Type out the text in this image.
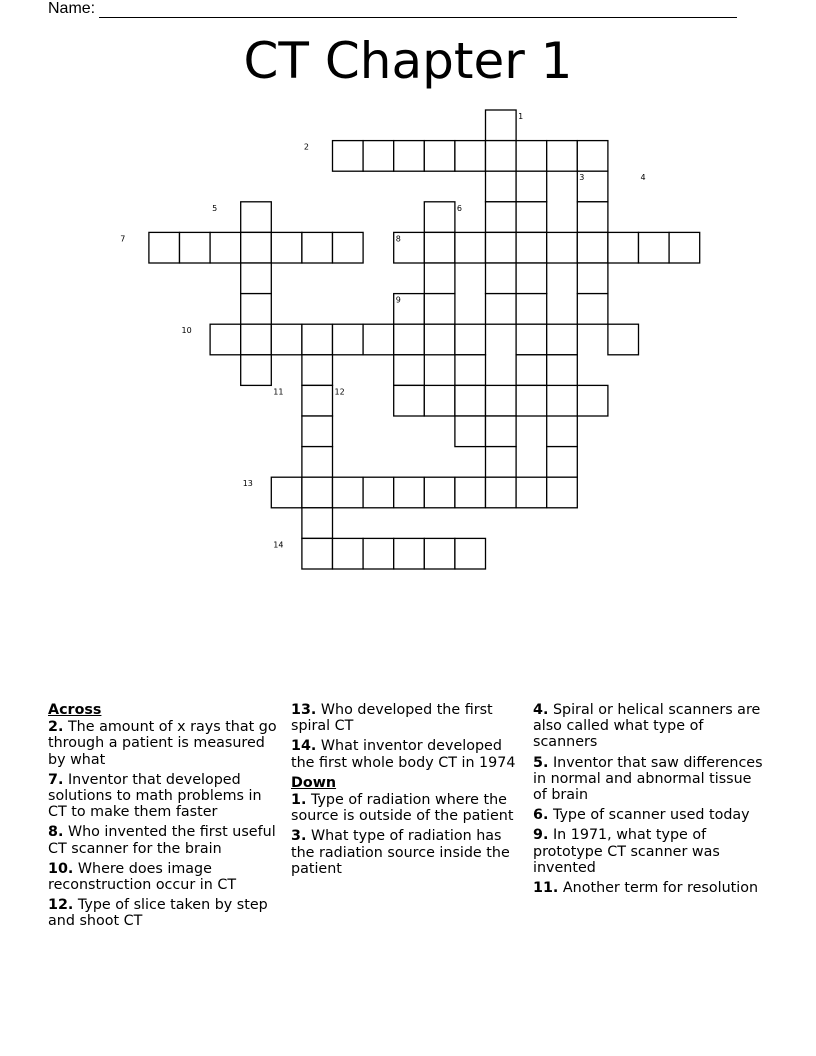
Name:
CT Chapter 1
1
2
3	4
5	6
7	8
9
10
11	12
13
14
Across
2. The amount of x rays that go through a patient is measured by what
7. Inventor that developed solutions to math problems in CT to make them faster
8. Who invented the first useful CT scanner for the brain
10. Where does image reconstruction occur in CT
12. Type of slice taken by step and shoot CT
13. Who developed the first spiral CT
14. What inventor developed the first whole body CT in 1974
Down
1. Type of radiation where the source is outside of the patient
3. What type of radiation has the radiation source inside the patient
4. Spiral or helical scanners are also called what type of scanners
5. Inventor that saw differences in normal and abnormal tissue of brain
6. Type of scanner used today
9. In 1971, what type of prototype CT scanner was invented
11. Another term for resolution
